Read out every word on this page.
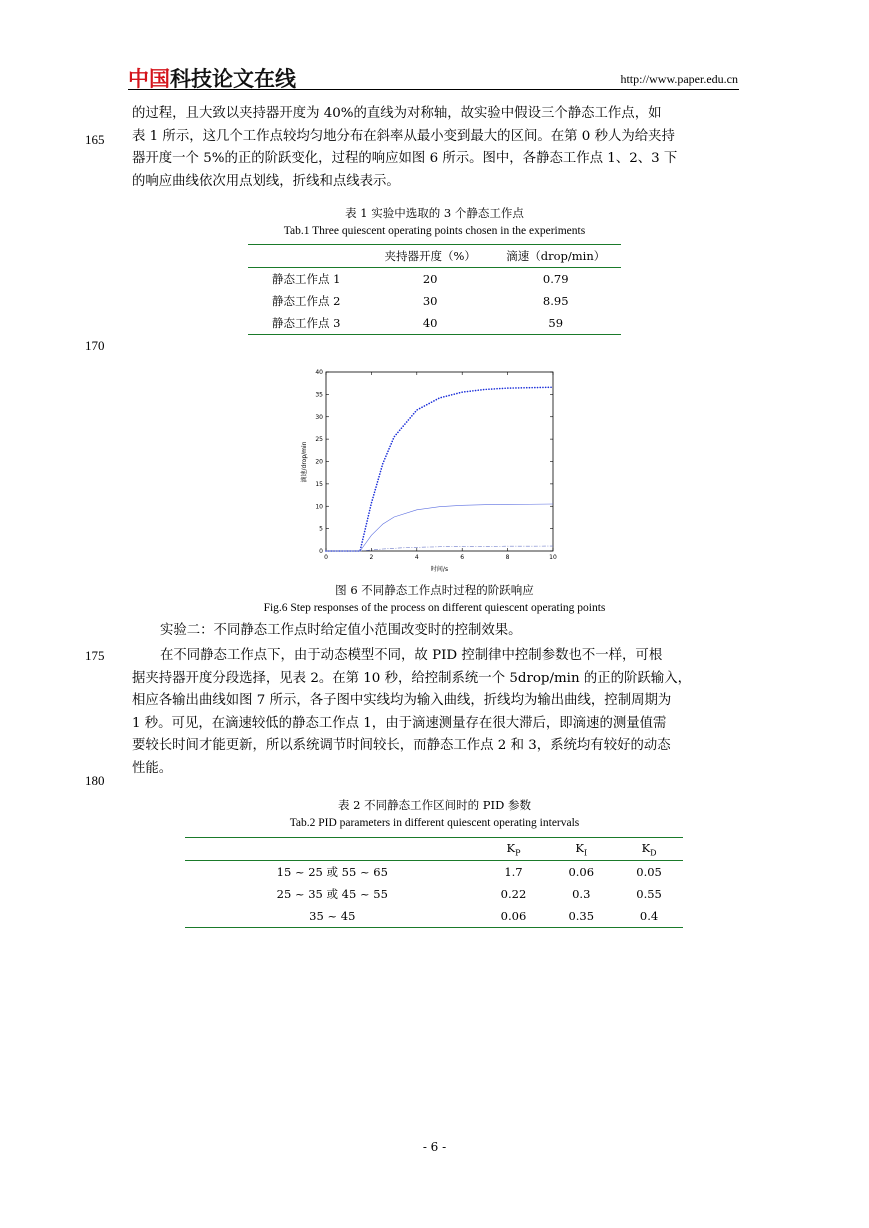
中国科技论文在线	http://www.paper.edu.cn
的过程，且大致以夹持器开度为 40%的直线为对称轴，故实验中假设三个静态工作点，如
表 1 所示，这几个工作点较均匀地分布在斜率从最小变到最大的区间。在第 0 秒人为给夹持
器开度一个 5%的正的阶跃变化，过程的响应如图 6 所示。图中，各静态工作点 1、2、3 下
的响应曲线依次用点划线，折线和点线表示。
165
170
175
180
表 1 实验中选取的 3 个静态工作点
Tab.1 Three quiescent operating points chosen in the experiments
	夹持器开度（%）	滴速（drop/min）
静态工作点 1	20	0.79
静态工作点 2	30	8.95
静态工作点 3	40	59
0
5
10
15
20
25
30
35
40
0	2	4	6	8	10
时间/s
滴速/drop/min
图 6 不同静态工作点时过程的阶跃响应
Fig.6 Step responses of the process on different quiescent operating points
实验二：不同静态工作点时给定值小范围改变时的控制效果。
在不同静态工作点下，由于动态模型不同，故 PID 控制律中控制参数也不一样，可根
据夹持器开度分段选择，见表 2。在第 10 秒，给控制系统一个 5drop/min 的正的阶跃输入，
相应各输出曲线如图 7 所示，各子图中实线均为输入曲线，折线均为输出曲线，控制周期为
1 秒。可见，在滴速较低的静态工作点 1，由于滴速测量存在很大滞后，即滴速的测量值需
要较长时间才能更新，所以系统调节时间较长，而静态工作点 2 和 3，系统均有较好的动态
性能。
表 2 不同静态工作区间时的 PID 参数
Tab.2 PID parameters in different quiescent operating intervals
	$K_P$	$K_I$	$K_D$
15 ~ 25 或 55 ~ 65	1.7	0.06	0.05
25 ~ 35 或 45 ~ 55	0.22	0.3	0.55
35 ~ 45	0.06	0.35	0.4
- 6 -
